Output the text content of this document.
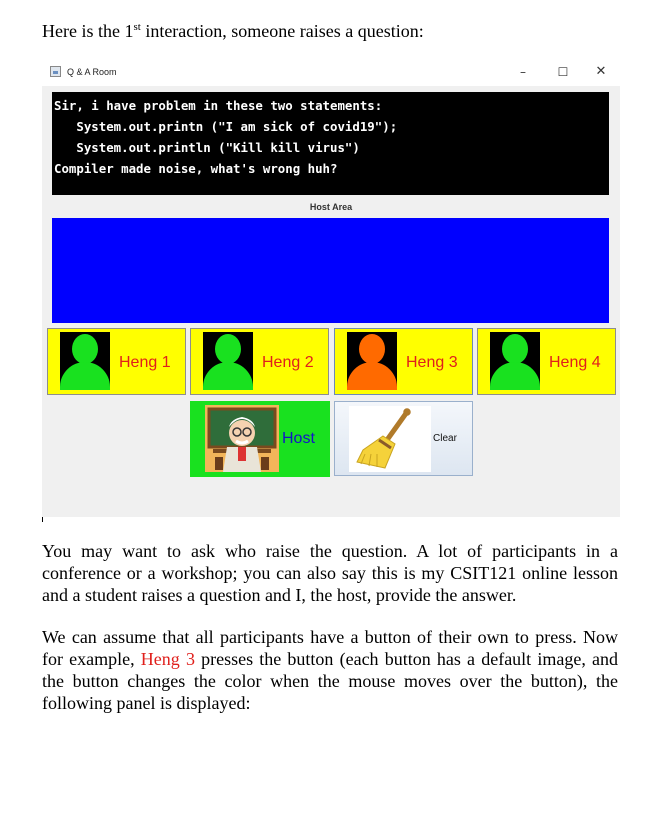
Here is the 1st interaction, someone raises a question:
Q & A Room	–	☐	✕
Sir, i have problem in these two statements:
System.out.printn ("I am sick of covid19");
System.out.println ("Kill kill virus")
Compiler made noise, what's wrong huh?
Host Area
Heng 1	Heng 2	Heng 3	Heng 4
Host	Clear
You may want to ask who raise the question. A lot of participants in a conference or a workshop; you can also say this is my CSIT121 online lesson and a student raises a question and I, the host, provide the answer.
We can assume that all participants have a button of their own to press. Now for example, Heng 3 presses the button (each button has a default image, and the button changes the color when the mouse moves over the button), the following panel is displayed:
